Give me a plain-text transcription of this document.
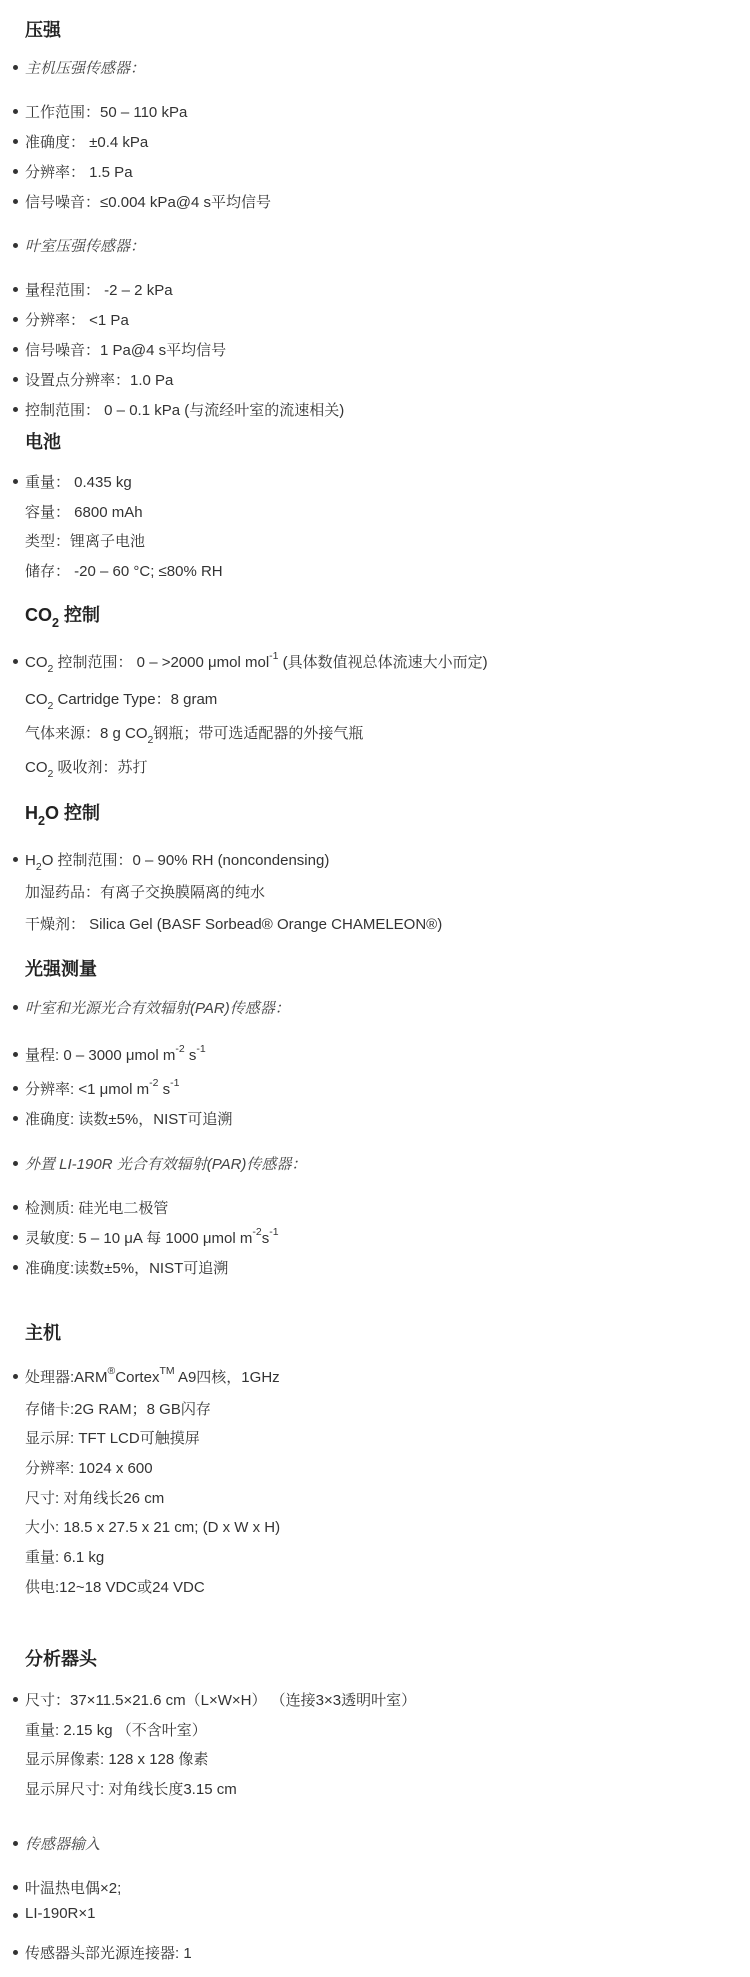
压强
主机压强传感器：
工作范围：50 – 110 kPa
准确度： ±0.4 kPa
分辨率： 1.5 Pa
信号噪音：≤0.004 kPa@4 s平均信号
叶室压强传感器：
量程范围： -2 – 2 kPa
分辨率： <1 Pa
信号噪音：1 Pa@4 s平均信号
设置点分辨率：1.0 Pa
控制范围： 0 – 0.1 kPa (与流经叶室的流速相关)
电池
重量： 0.435 kg
容量： 6800 mAh
类型：锂离子电池
储存： -20 – 60 °C; ≤80% RH
$CO_2$ 控制
$CO_2$ 控制范围： 0 – >2000 μmol mol$^{-1}$ (具体数值视总体流速大小而定)
$CO_2$ Cartridge Type：8 gram
气体来源：8 g $CO_2$钢瓶；带可选适配器的外接气瓶
$CO_2$ 吸收剂：苏打
$H_2O$ 控制
$H_2O$ 控制范围：0 – 90% RH (noncondensing)
加湿药品：有离子交换膜隔离的纯水
干燥剂： Silica Gel (BASF Sorbead® Orange CHAMELEON®)
光强测量
叶室和光源光合有效辐射(PAR)传感器：
量程: 0 – 3000 μmol $m^{-2}$ $s^{-1}$
分辨率: <1 μmol $m^{-2}$ $s^{-1}$
准确度: 读数±5%，NIST可追溯
外置 LI-190R 光合有效辐射(PAR)传感器：
检测质: 硅光电二极管
灵敏度: 5 – 10 μA 每 1000 μmol $m^{-2}s^{-1}$
准确度:读数±5%，NIST可追溯
主机
处理器:ARM®Cortex™ A9四核，1GHz
存储卡:2G RAM；8 GB闪存
显示屏: TFT LCD可触摸屏
分辨率: 1024 x 600
尺寸: 对角线长26 cm
大小: 18.5 x 27.5 x 21 cm; (D x W x H)
重量: 6.1 kg
供电:12~18 VDC或24 VDC
分析器头
尺寸：37×11.5×21.6 cm（L×W×H） （连接3×3透明叶室）
重量: 2.15 kg （不含叶室）
显示屏像素: 128 x 128 像素
显示屏尺寸: 对角线长度3.15 cm
传感器输入
叶温热电偶×2;
LI-190R×1
传感器头部光源连接器: 1
